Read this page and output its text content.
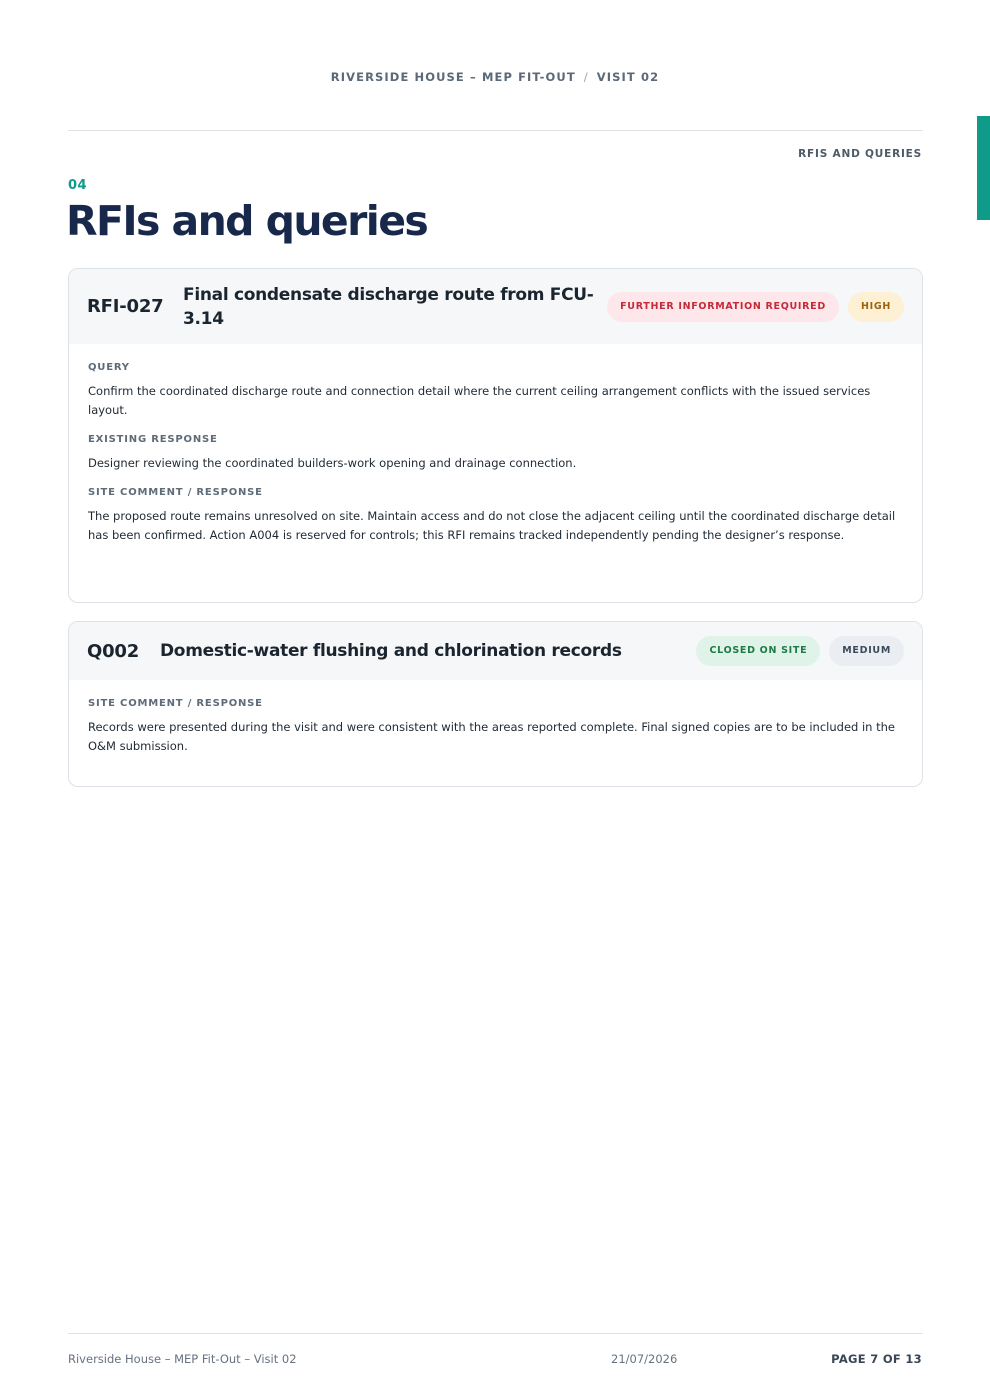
RIVERSIDE HOUSE – MEP FIT-OUT / VISIT 02
RFIS AND QUERIES
04
RFIs and queries
RFI-027
Final condensate discharge route from FCU-3.14
FURTHER INFORMATION REQUIRED	HIGH
QUERY
Confirm the coordinated discharge route and connection detail where the current ceiling arrangement conflicts with the issued services layout.
EXISTING RESPONSE
Designer reviewing the coordinated builders-work opening and drainage connection.
SITE COMMENT / RESPONSE
The proposed route remains unresolved on site. Maintain access and do not close the adjacent ceiling until the coordinated discharge detail has been confirmed. Action A004 is reserved for controls; this RFI remains tracked independently pending the designer’s response.
Q002	Domestic-water flushing and chlorination records	CLOSED ON SITE	MEDIUM
SITE COMMENT / RESPONSE
Records were presented during the visit and were consistent with the areas reported complete. Final signed copies are to be included in the O&M submission.
Riverside House – MEP Fit-Out – Visit 02	21/07/2026	PAGE 7 OF 13
